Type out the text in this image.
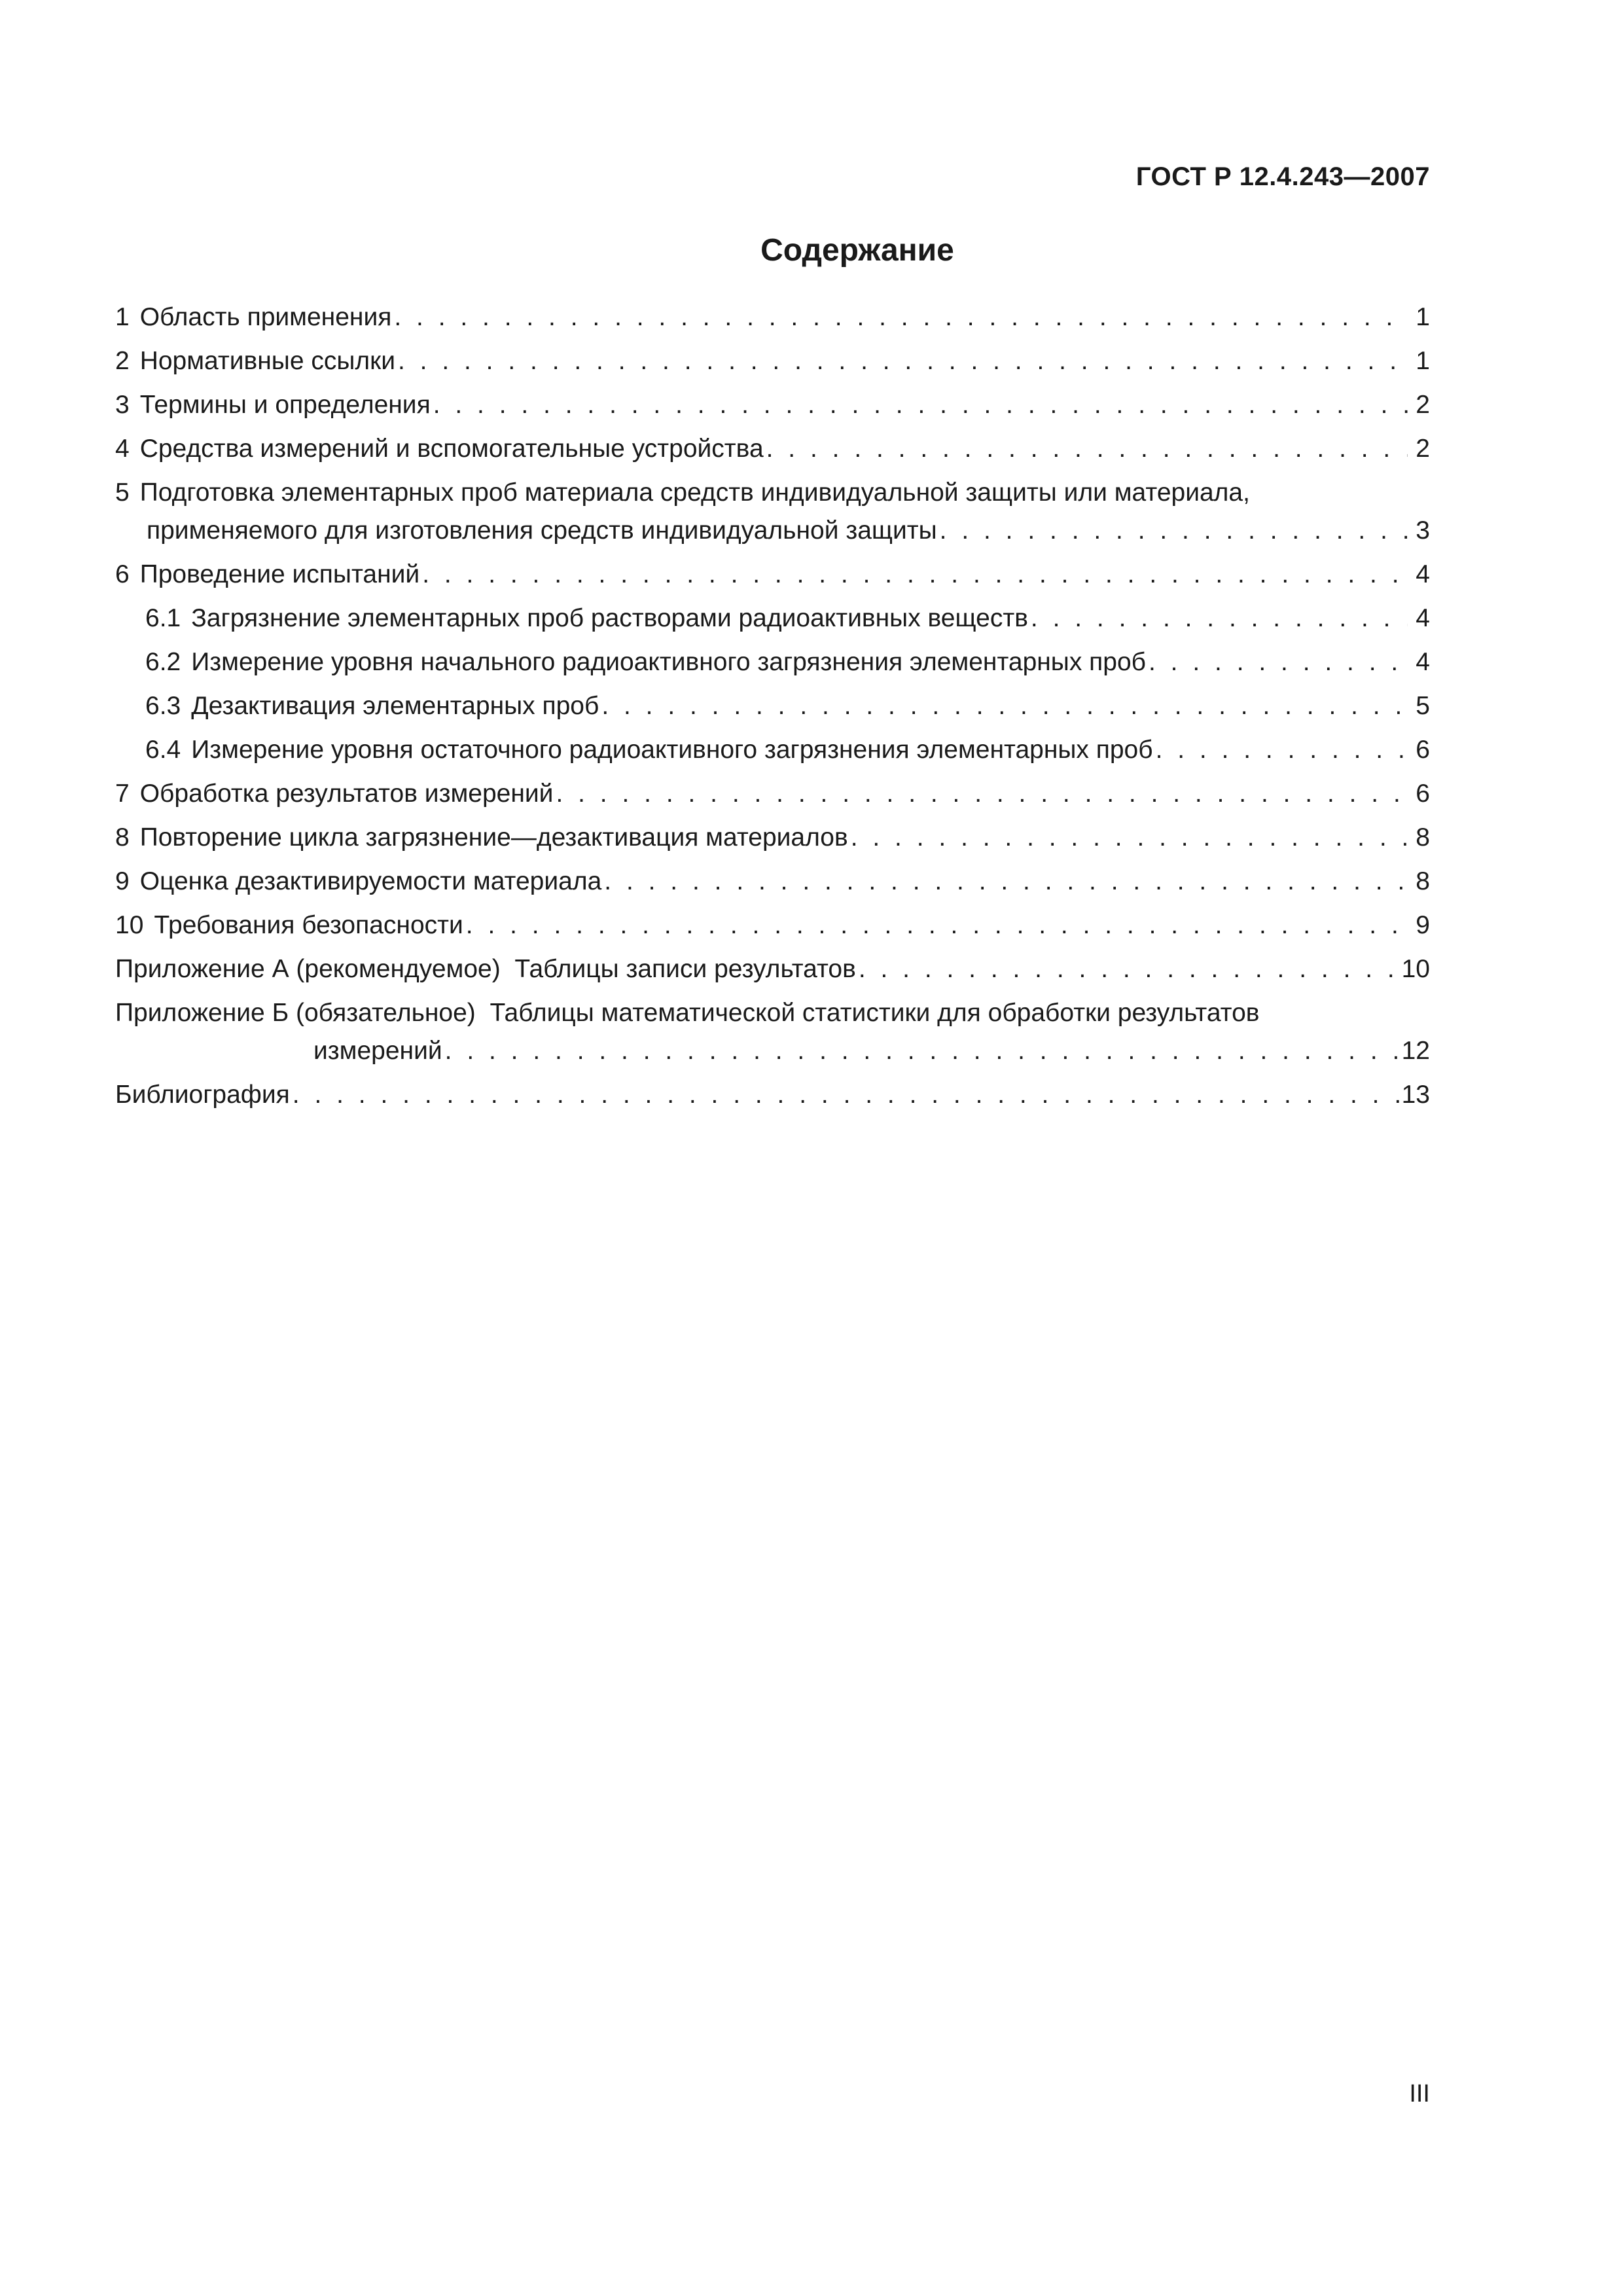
ГОСТ Р 12.4.243—2007
Содержание
1 Область применения . . .	1
2 Нормативные ссылки . . .	1
3 Термины и определения . . .	2
4 Средства измерений и вспомогательные устройства . . .	2
5 Подготовка элементарных проб материала средств индивидуальной защиты или материала,
применяемого для изготовления средств индивидуальной защиты . . .	3
6 Проведение испытаний . . .	4
6.1 Загрязнение элементарных проб растворами радиоактивных веществ . . .	4
6.2 Измерение уровня начального радиоактивного загрязнения элементарных проб . . .	4
6.3 Дезактивация элементарных проб . . .	5
6.4 Измерение уровня остаточного радиоактивного загрязнения элементарных проб . . .	6
7 Обработка результатов измерений . . .	6
8 Повторение цикла загрязнение—дезактивация материалов . . .	8
9 Оценка дезактивируемости материала . . .	8
10 Требования безопасности . . .	9
Приложение А (рекомендуемое)  Таблицы записи результатов . . .	10
Приложение Б (обязательное)  Таблицы математической статистики для обработки результатов
измерений . . .	12
Библиография . . .	13
III
